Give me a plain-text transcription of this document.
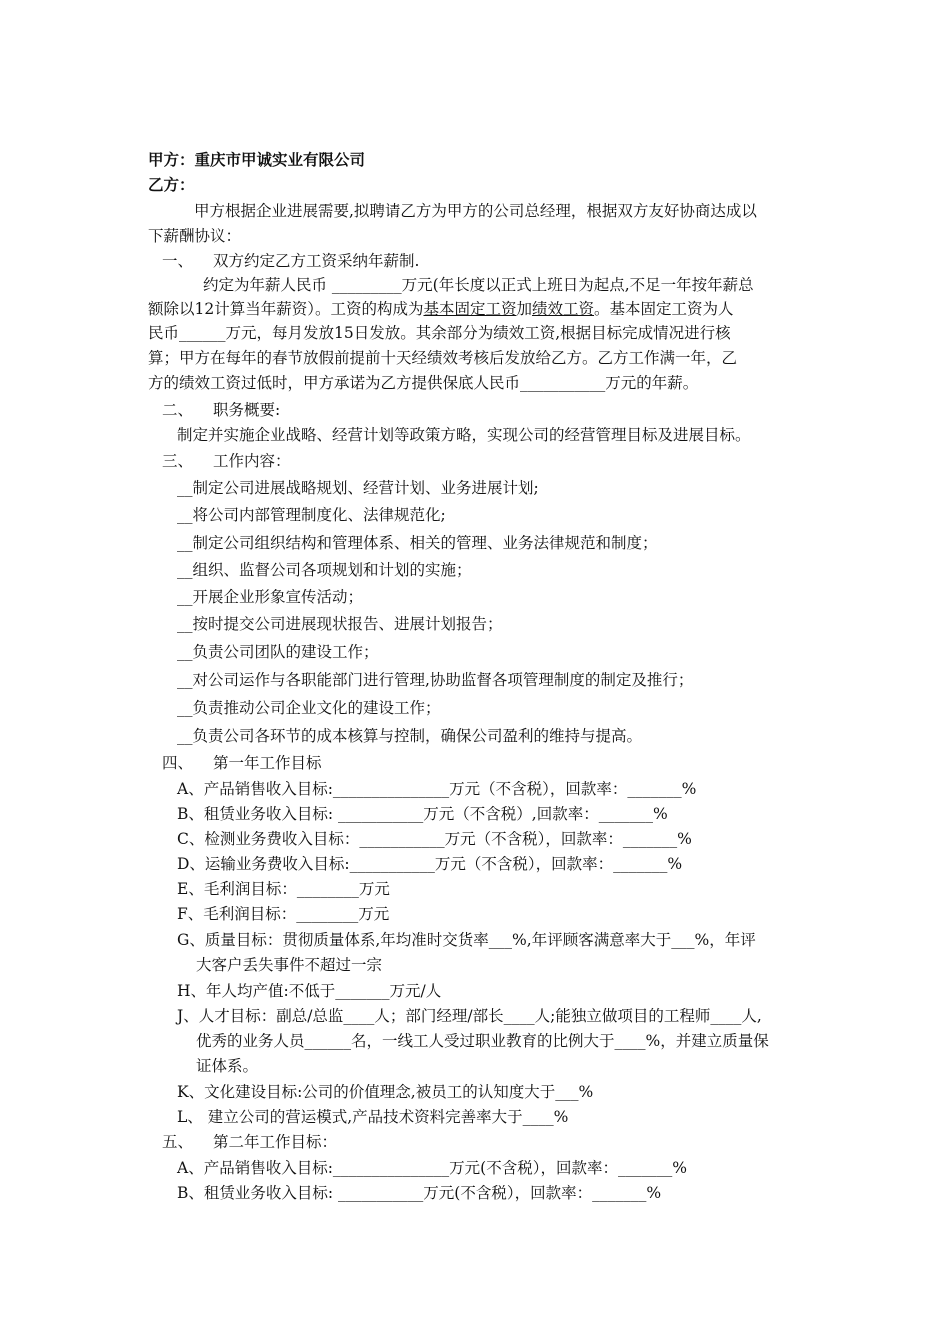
甲方：重庆市甲诚实业有限公司
乙方：
甲方根据企业进展需要,拟聘请乙方为甲方的公司总经理，根据双方友好协商达成以
下薪酬协议：
一、 双方约定乙方工资采纳年薪制.
约定为年薪人民币 _________万元(年长度以正式上班日为起点,不足一年按年薪总
额除以12计算当年薪资）。工资的构成为基本固定工资加绩效工资。基本固定工资为人
民币______万元，每月发放15日发放。其余部分为绩效工资,根据目标完成情况进行核
算；甲方在每年的春节放假前提前十天经绩效考核后发放给乙方。乙方工作满一年，乙
方的绩效工资过低时，甲方承诺为乙方提供保底人民币___________万元的年薪。
二、 职务概要:
制定并实施企业战略、经营计划等政策方略，实现公司的经营管理目标及进展目标。
三、 工作内容：
__制定公司进展战略规划、经营计划、业务进展计划;
__将公司内部管理制度化、法律规范化;
__制定公司组织结构和管理体系、相关的管理、业务法律规范和制度；
__组织、监督公司各项规划和计划的实施；
__开展企业形象宣传活动；
__按时提交公司进展现状报告、进展计划报告；
__负责公司团队的建设工作；
__对公司运作与各职能部门进行管理,协助监督各项管理制度的制定及推行；
__负责推动公司企业文化的建设工作；
__负责公司各环节的成本核算与控制，确保公司盈利的维持与提高。
四、 第一年工作目标
A、产品销售收入目标:_______________万元（不含税），回款率：_______%
B、租赁业务收入目标: ___________万元（不含税）,回款率：_______%
C、检测业务费收入目标：___________万元（不含税），回款率：_______%
D、运输业务费收入目标:___________万元（不含税），回款率：_______%
E、毛利润目标：________万元
F、毛利润目标：________万元
G、质量目标：贯彻质量体系,年均准时交货率___%,年评顾客满意率大于___%，年评
大客户丢失事件不超过一宗
H、年人均产值:不低于_______万元/人
J、人才目标：副总/总监____人；部门经理/部长____人;能独立做项目的工程师____人,
优秀的业务人员______名，一线工人受过职业教育的比例大于____%，并建立质量保
证体系。
K、文化建设目标:公司的价值理念,被员工的认知度大于___%
L、 建立公司的营运模式,产品技术资料完善率大于____%
五、 第二年工作目标：
A、产品销售收入目标:_______________万元(不含税），回款率：_______%
B、租赁业务收入目标: ___________万元(不含税），回款率：_______%
